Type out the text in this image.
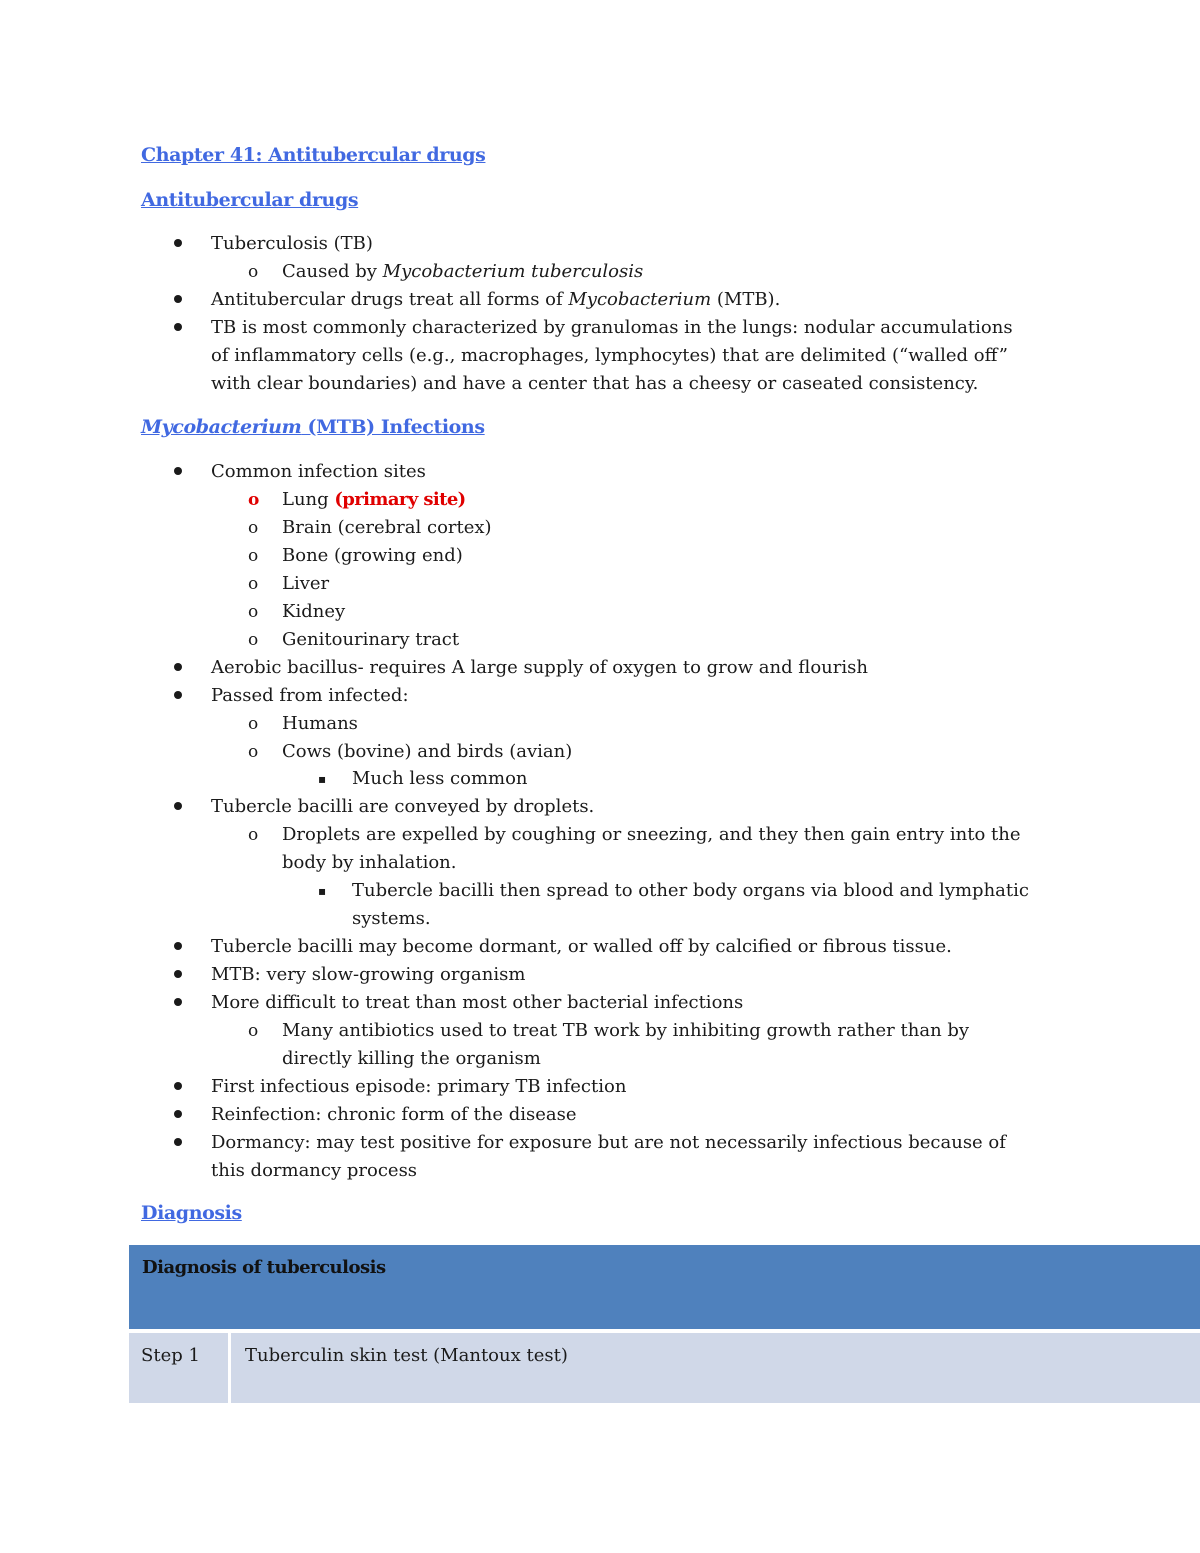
Chapter 41: Antitubercular drugs
Antitubercular drugs
Tuberculosis (TB)
o Caused by Mycobacterium tuberculosis
Antitubercular drugs treat all forms of Mycobacterium (MTB).
TB is most commonly characterized by granulomas in the lungs: nodular accumulations
of inflammatory cells (e.g., macrophages, lymphocytes) that are delimited (“walled off”
with clear boundaries) and have a center that has a cheesy or caseated consistency.
Mycobacterium (MTB) Infections
Common infection sites
o Lung (primary site)
o Brain (cerebral cortex)
o Bone (growing end)
o Liver
o Kidney
o Genitourinary tract
Aerobic bacillus- requires A large supply of oxygen to grow and flourish
Passed from infected:
o Humans
o Cows (bovine) and birds (avian)
▪ Much less common
Tubercle bacilli are conveyed by droplets.
o Droplets are expelled by coughing or sneezing, and they then gain entry into the
body by inhalation.
▪ Tubercle bacilli then spread to other body organs via blood and lymphatic
systems.
Tubercle bacilli may become dormant, or walled off by calcified or fibrous tissue.
MTB: very slow-growing organism
More difficult to treat than most other bacterial infections
o Many antibiotics used to treat TB work by inhibiting growth rather than by
directly killing the organism
First infectious episode: primary TB infection
Reinfection: chronic form of the disease
Dormancy: may test positive for exposure but are not necessarily infectious because of
this dormancy process
Diagnosis
Diagnosis of tuberculosis
Step 1	Tuberculin skin test (Mantoux test)
